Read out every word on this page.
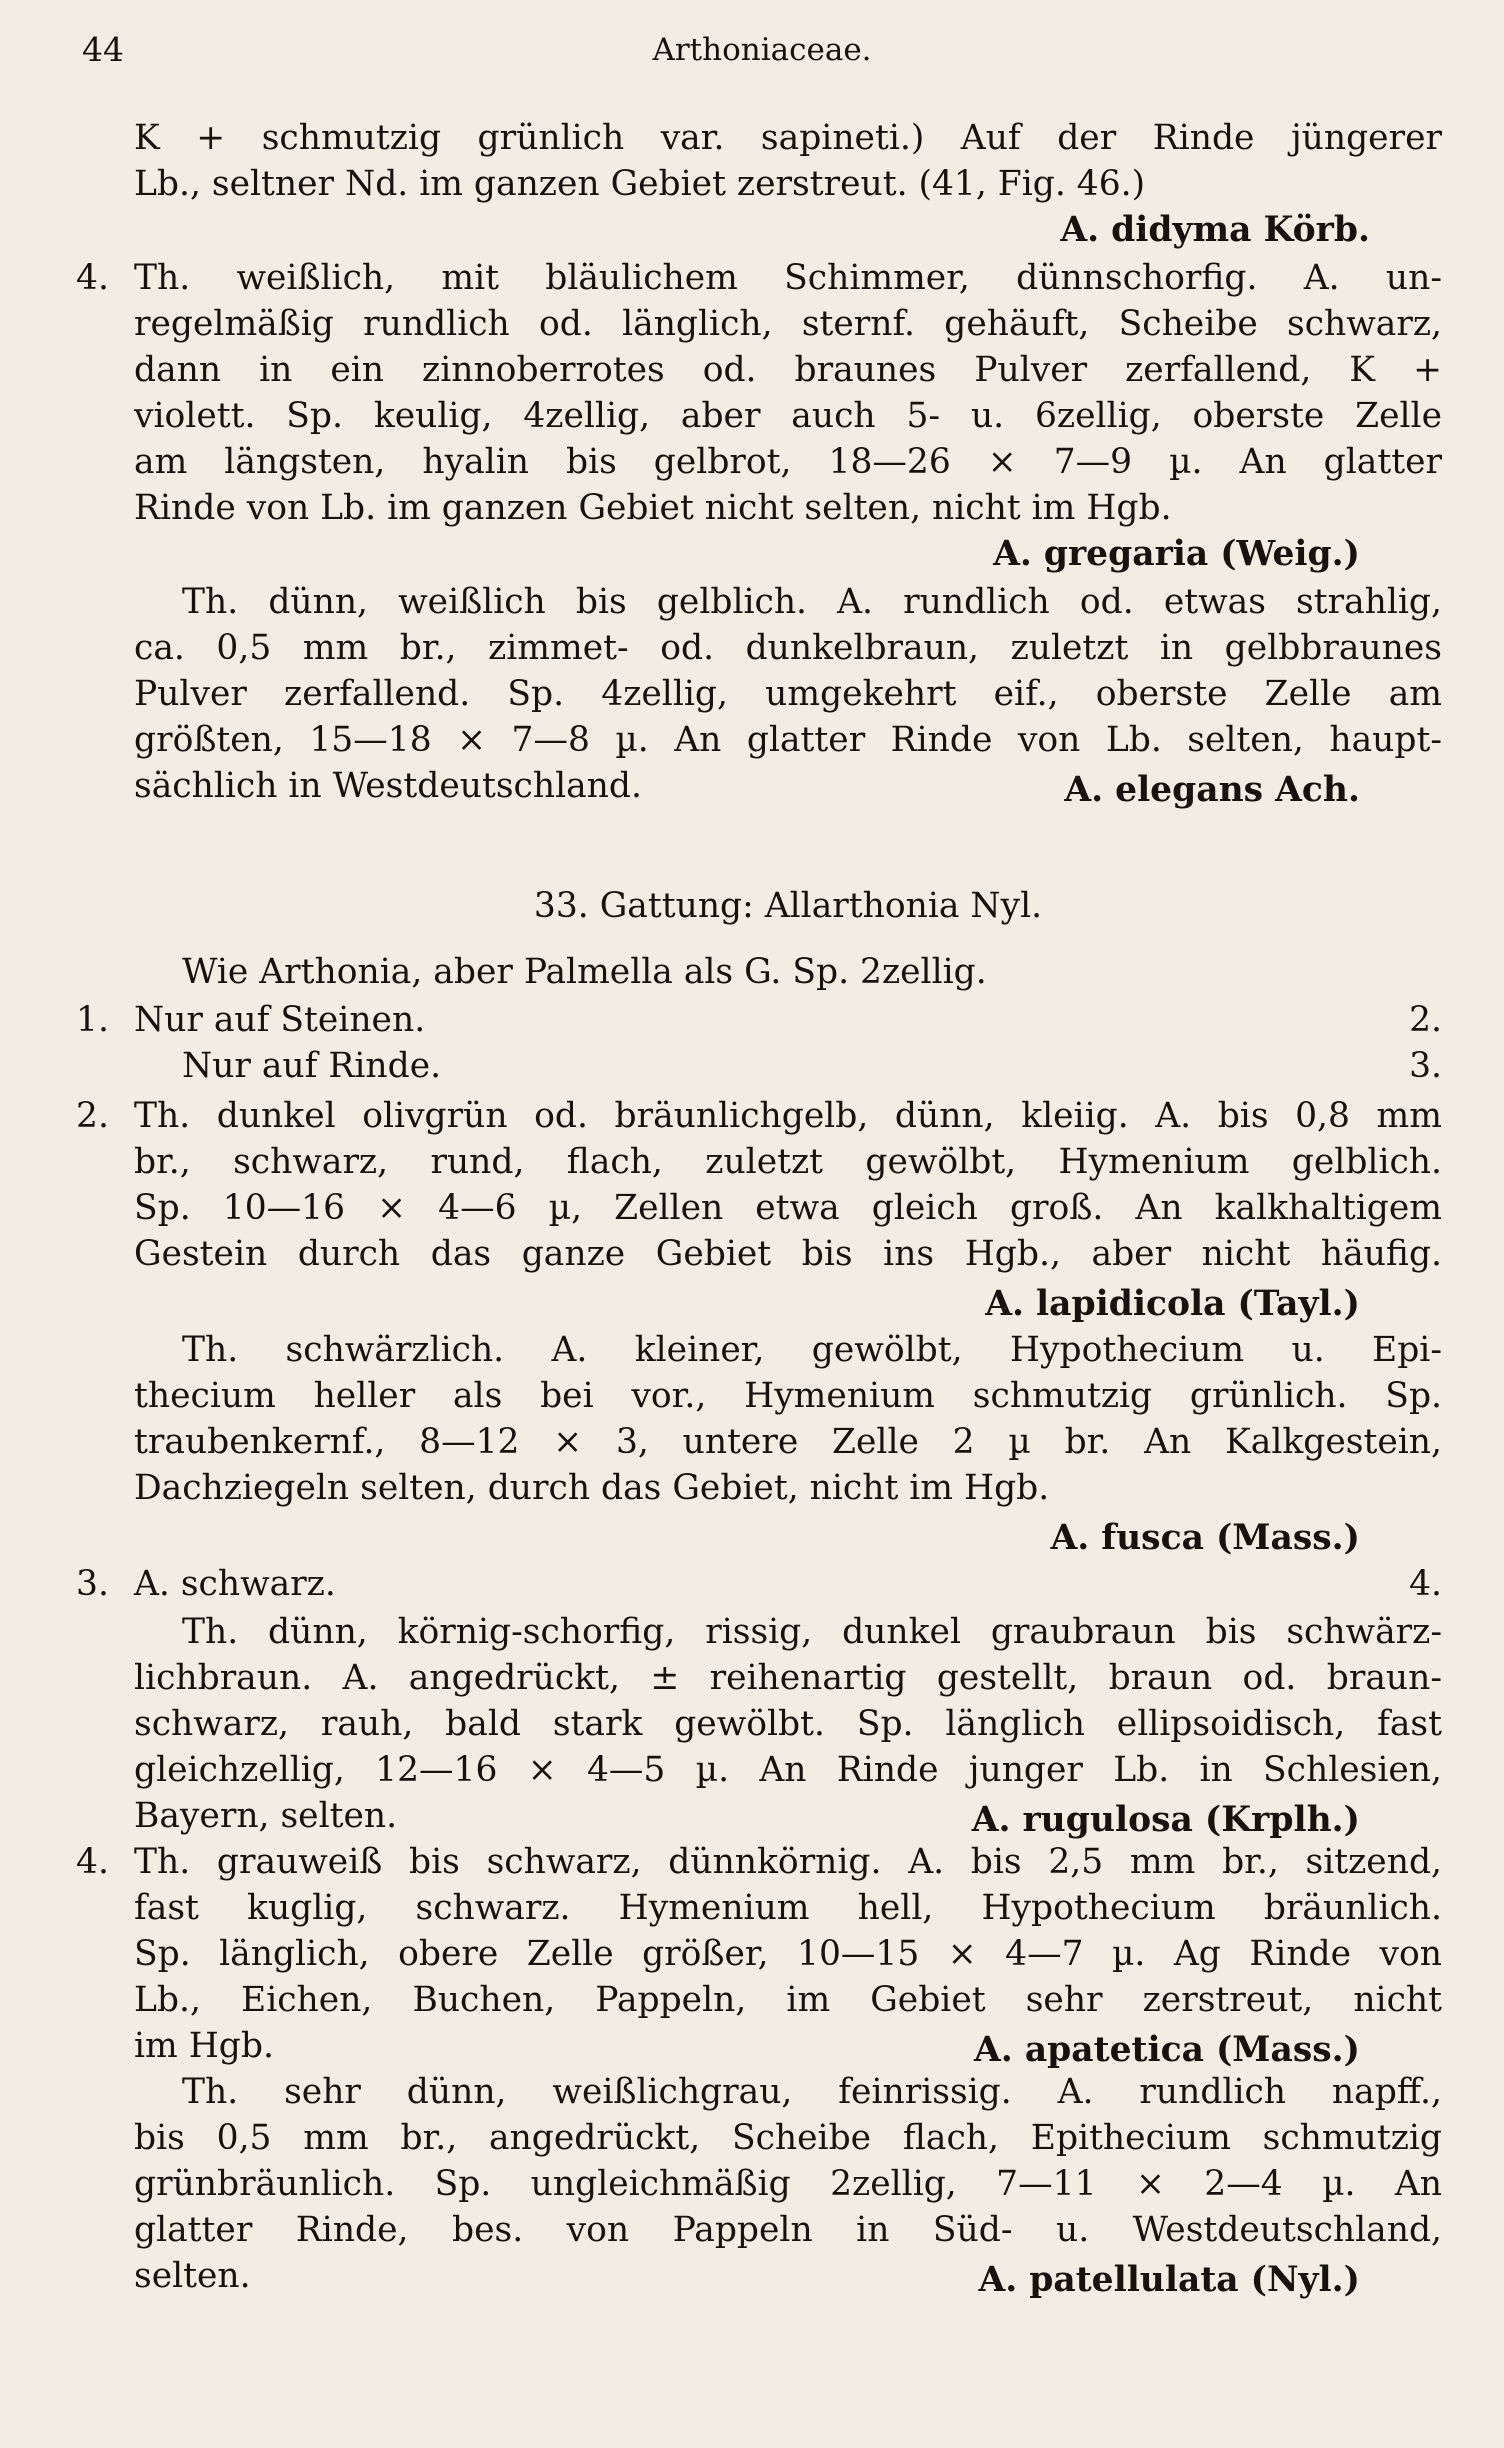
44	Arthoniaceae.
K + schmutzig grünlich var. sapineti.) Auf der Rinde jüngerer
Lb., seltner Nd. im ganzen Gebiet zerstreut. (41, Fig. 46.)
A. didyma Körb.
4. Th. weißlich, mit bläulichem Schimmer, dünnschorfig. A. un-
regelmäßig rundlich od. länglich, sternf. gehäuft, Scheibe schwarz,
dann in ein zinnoberrotes od. braunes Pulver zerfallend, K +
violett. Sp. keulig, 4zellig, aber auch 5- u. 6zellig, oberste Zelle
am längsten, hyalin bis gelbrot, 18—26 × 7—9 µ. An glatter
Rinde von Lb. im ganzen Gebiet nicht selten, nicht im Hgb.
A. gregaria (Weig.)
Th. dünn, weißlich bis gelblich. A. rundlich od. etwas strahlig,
ca. 0,5 mm br., zimmet- od. dunkelbraun, zuletzt in gelbbraunes
Pulver zerfallend. Sp. 4zellig, umgekehrt eif., oberste Zelle am
größten, 15—18 × 7—8 µ. An glatter Rinde von Lb. selten, haupt-
sächlich in Westdeutschland.	A. elegans Ach.
33. Gattung: Allarthonia Nyl.
Wie Arthonia, aber Palmella als G. Sp. 2zellig.
1. Nur auf Steinen.	2.
Nur auf Rinde.	3.
2. Th. dunkel olivgrün od. bräunlichgelb, dünn, kleiig. A. bis 0,8 mm
br., schwarz, rund, flach, zuletzt gewölbt, Hymenium gelblich.
Sp. 10—16 × 4—6 µ, Zellen etwa gleich groß. An kalkhaltigem
Gestein durch das ganze Gebiet bis ins Hgb., aber nicht häufig.
A. lapidicola (Tayl.)
Th. schwärzlich. A. kleiner, gewölbt, Hypothecium u. Epi-
thecium heller als bei vor., Hymenium schmutzig grünlich. Sp.
traubenkernf., 8—12 × 3, untere Zelle 2 µ br. An Kalkgestein,
Dachziegeln selten, durch das Gebiet, nicht im Hgb.
A. fusca (Mass.)
3. A. schwarz.	4.
Th. dünn, körnig-schorfig, rissig, dunkel graubraun bis schwärz-
lichbraun. A. angedrückt, ± reihenartig gestellt, braun od. braun-
schwarz, rauh, bald stark gewölbt. Sp. länglich ellipsoidisch, fast
gleichzellig, 12—16 × 4—5 µ. An Rinde junger Lb. in Schlesien,
Bayern, selten.	A. rugulosa (Krplh.)
4. Th. grauweiß bis schwarz, dünnkörnig. A. bis 2,5 mm br., sitzend,
fast kuglig, schwarz. Hymenium hell, Hypothecium bräunlich.
Sp. länglich, obere Zelle größer, 10—15 × 4—7 µ. Ag Rinde von
Lb., Eichen, Buchen, Pappeln, im Gebiet sehr zerstreut, nicht
im Hgb.	A. apatetica (Mass.)
Th. sehr dünn, weißlichgrau, feinrissig. A. rundlich napff.,
bis 0,5 mm br., angedrückt, Scheibe flach, Epithecium schmutzig
grünbräunlich. Sp. ungleichmäßig 2zellig, 7—11 × 2—4 µ. An
glatter Rinde, bes. von Pappeln in Süd- u. Westdeutschland,
selten.	A. patellulata (Nyl.)
